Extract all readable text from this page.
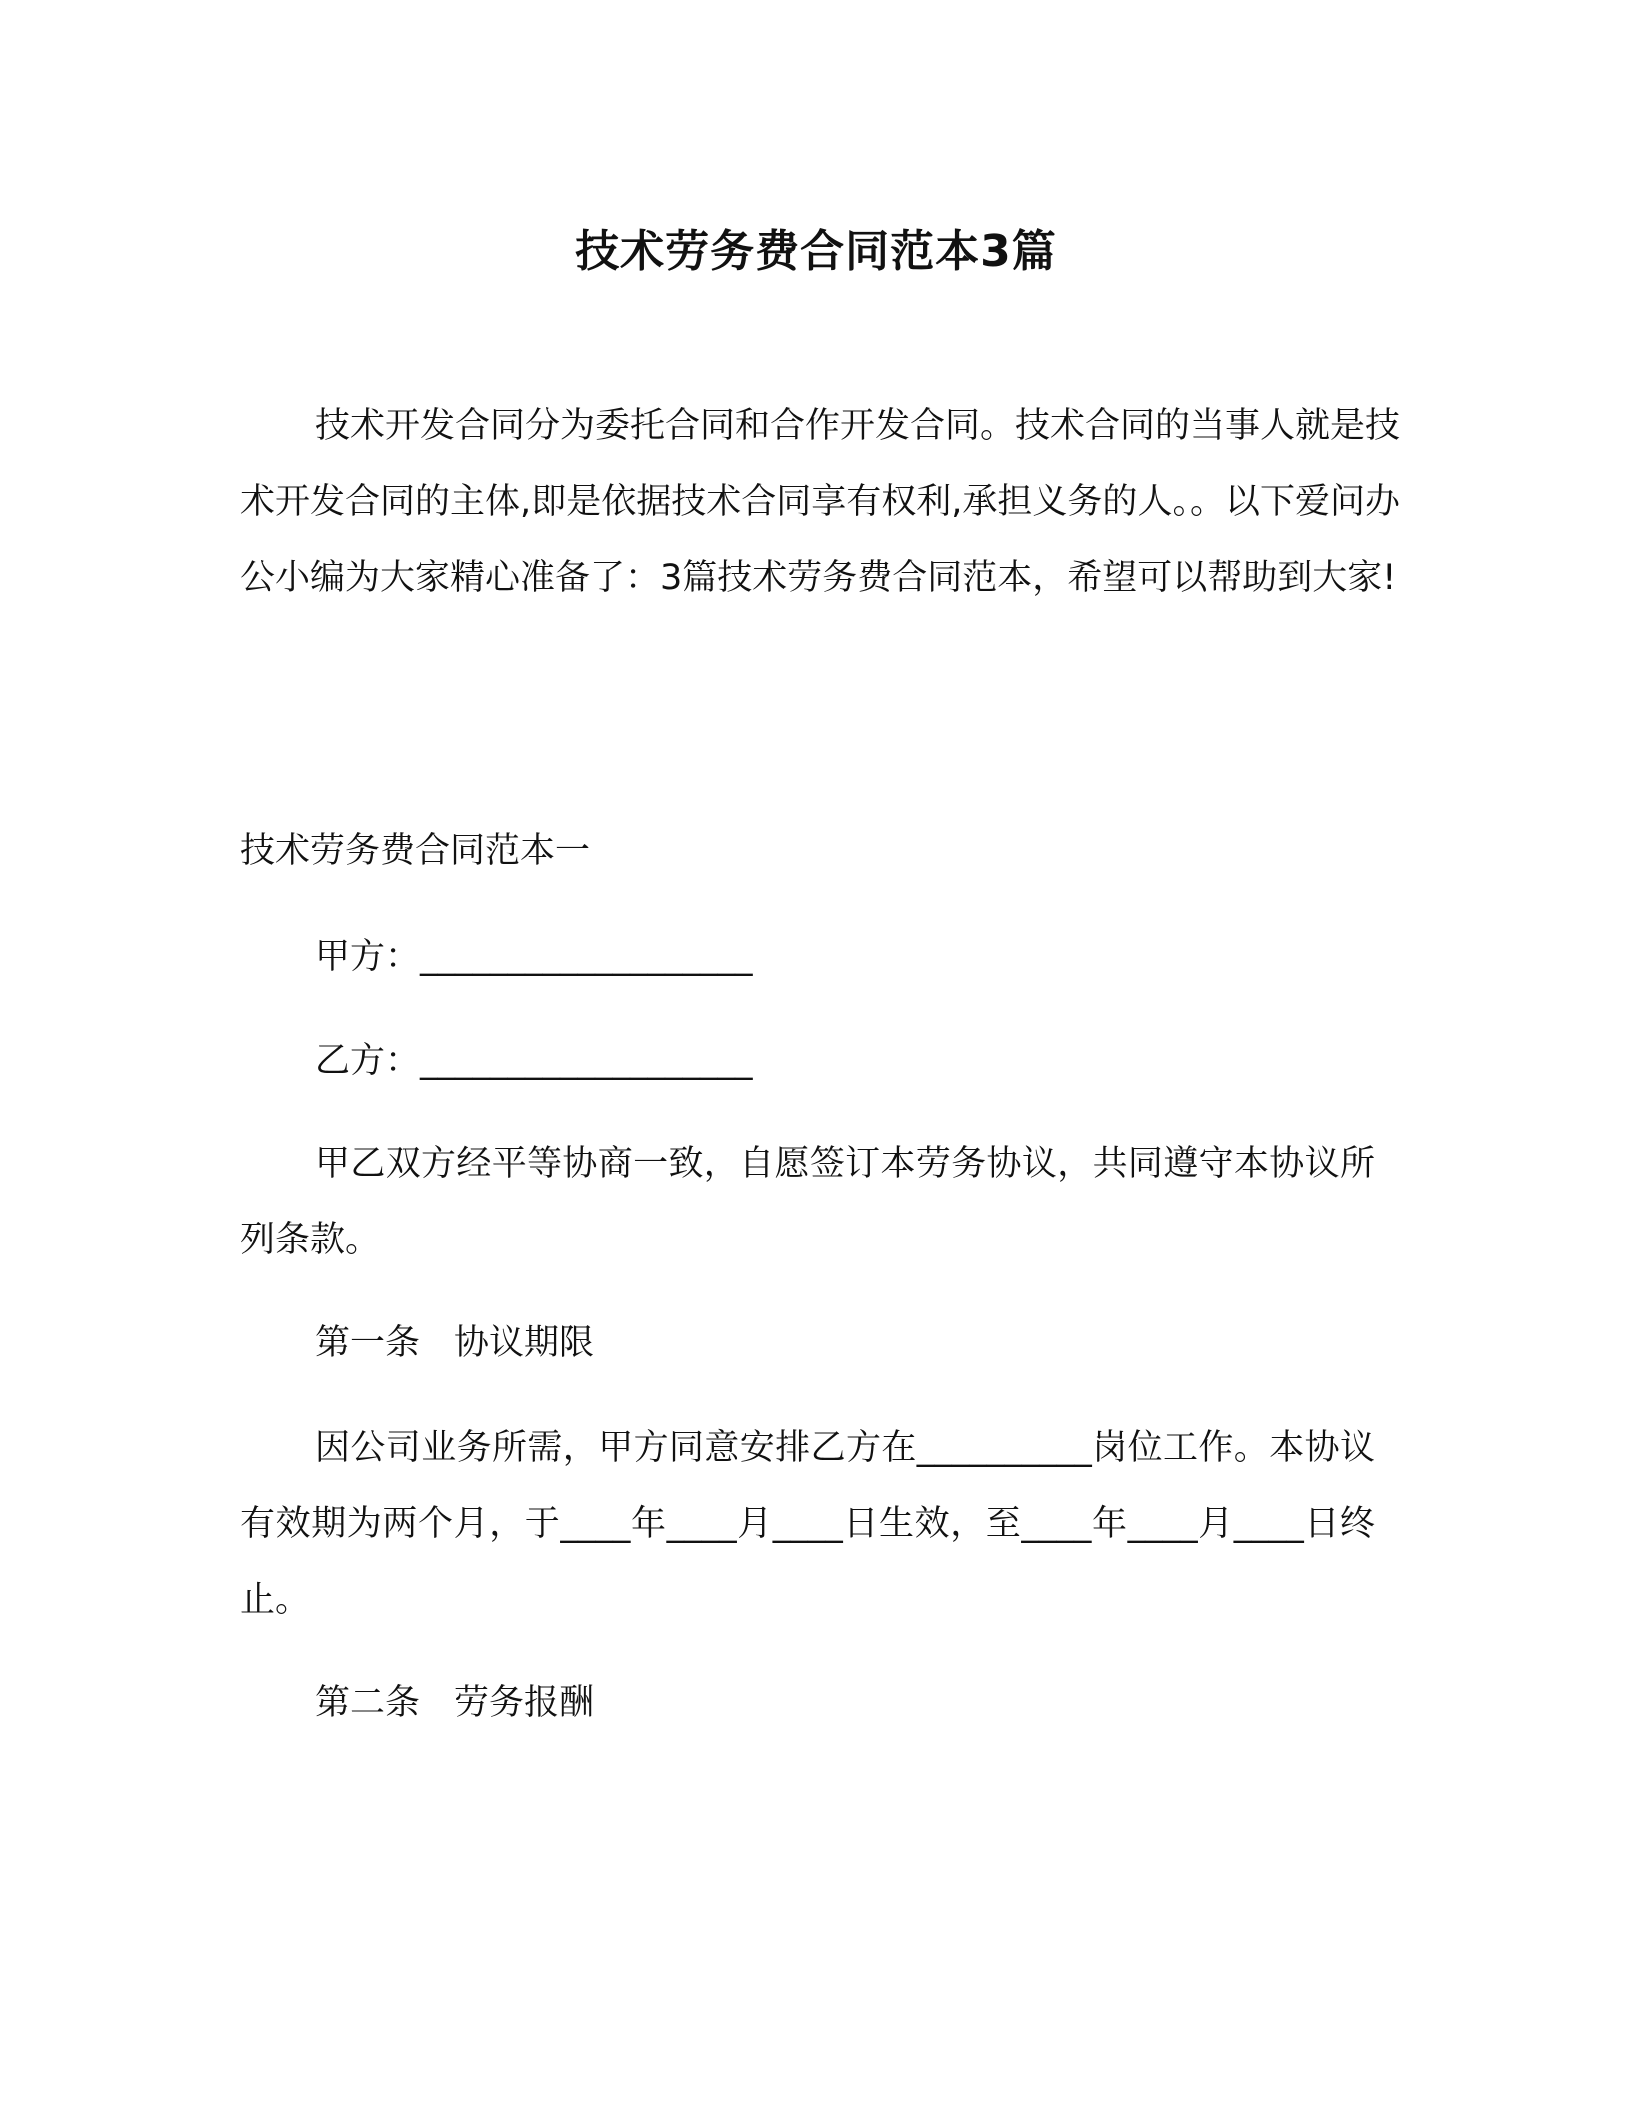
技术劳务费合同范本3篇
技术开发合同分为委托合同和合作开发合同。技术合同的当事人就是技术开发合同的主体,即是依据技术合同享有权利,承担义务的人。。以下爱问办公小编为大家精心准备了：3篇技术劳务费合同范本，希望可以帮助到大家!
技术劳务费合同范本一
甲方：___________________
乙方：___________________
甲乙双方经平等协商一致，自愿签订本劳务协议，共同遵守本协议所列条款。
第一条 协议期限
因公司业务所需，甲方同意安排乙方在__________岗位工作。本协议有效期为两个月，于____年____月____日生效，至____年____月____日终止。
第二条 劳务报酬
